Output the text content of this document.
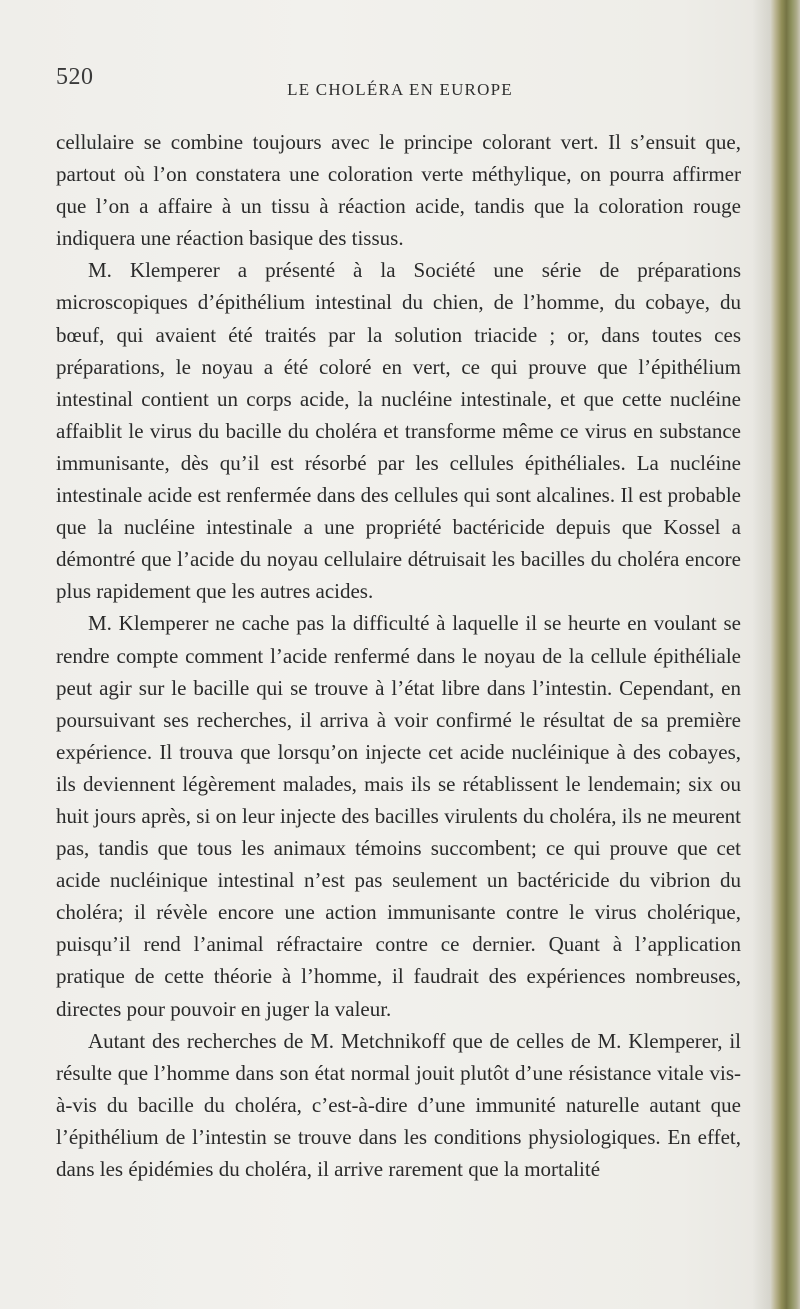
520	LE CHOLÉRA EN EUROPE

cellulaire se combine toujours avec le principe colorant vert. Il s’ensuit que, partout où l’on constatera une coloration verte méthylique, on pourra affirmer que l’on a affaire à un tissu à réaction acide, tandis que la coloration rouge indiquera une réaction basique des tissus.

M. Klemperer a présenté à la Société une série de préparations microscopiques d’épithélium intestinal du chien, de l’homme, du cobaye, du bœuf, qui avaient été traités par la solution triacide ; or, dans toutes ces préparations, le noyau a été coloré en vert, ce qui prouve que l’épithélium intestinal contient un corps acide, la nucléine intestinale, et que cette nucléine affaiblit le virus du bacille du choléra et transforme même ce virus en substance immunisante, dès qu’il est résorbé par les cellules épithéliales. La nucléine intestinale acide est renfermée dans des cellules qui sont alcalines. Il est probable que la nucléine intestinale a une propriété bactéricide depuis que Kossel a démontré que l’acide du noyau cellulaire détruisait les bacilles du choléra encore plus rapidement que les autres acides.

M. Klemperer ne cache pas la difficulté à laquelle il se heurte en voulant se rendre compte comment l’acide renfermé dans le noyau de la cellule épithéliale peut agir sur le bacille qui se trouve à l’état libre dans l’intestin. Cependant, en poursuivant ses recherches, il arriva à voir confirmé le résultat de sa première expérience. Il trouva que lorsqu’on injecte cet acide nucléinique à des cobayes, ils deviennent légèrement malades, mais ils se rétablissent le lendemain; six ou huit jours après, si on leur injecte des bacilles virulents du choléra, ils ne meurent pas, tandis que tous les animaux témoins succombent; ce qui prouve que cet acide nucléinique intestinal n’est pas seulement un bactéricide du vibrion du choléra; il révèle encore une action immunisante contre le virus cholérique, puisqu’il rend l’animal réfractaire contre ce dernier. Quant à l’application pratique de cette théorie à l’homme, il faudrait des expériences nombreuses, directes pour pouvoir en juger la valeur.

Autant des recherches de M. Metchnikoff que de celles de M. Klemperer, il résulte que l’homme dans son état normal jouit plutôt d’une résistance vitale vis-à-vis du bacille du choléra, c’est-à-dire d’une immunité naturelle autant que l’épithélium de l’intestin se trouve dans les conditions physiologiques. En effet, dans les épidémies du choléra, il arrive rarement que la mortalité
